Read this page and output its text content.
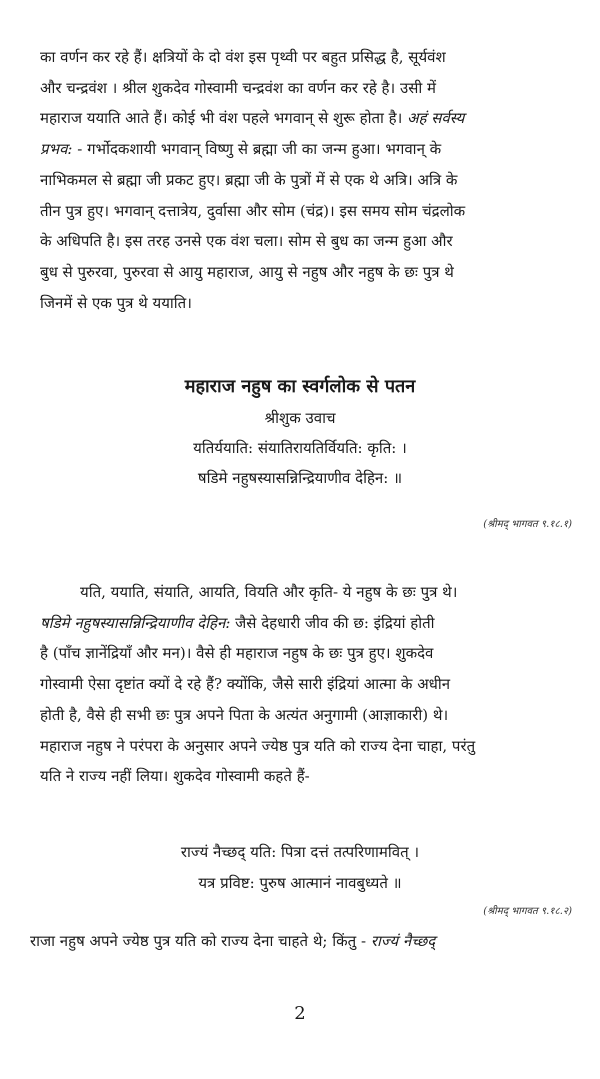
का वर्णन कर रहे हैं। क्षत्रियों के दो वंश इस पृथ्वी पर बहुत प्रसिद्ध है, सूर्यवंश
और चन्द्रवंश । श्रील शुकदेव गोस्वामी चन्द्रवंश का वर्णन कर रहे है। उसी में
महाराज ययाति आते हैं। कोई भी वंश पहले भगवान् से शुरू होता है। अहं सर्वस्य
प्रभव: - गर्भोदकशायी भगवान् विष्णु से ब्रह्मा जी का जन्म हुआ। भगवान् के
नाभिकमल से ब्रह्मा जी प्रकट हुए। ब्रह्मा जी के पुत्रों में से एक थे अत्रि। अत्रि के
तीन पुत्र हुए। भगवान् दत्तात्रेय, दुर्वासा और सोम (चंद्र)। इस समय सोम चंद्रलोक
के अधिपति है। इस तरह उनसे एक वंश चला। सोम से बुध का जन्म हुआ और
बुध से पुरुरवा, पुरुरवा से आयु महाराज, आयु से नहुष और नहुष के छः पुत्र थे
जिनमें से एक पुत्र थे ययाति।
महाराज नहुष का स्वर्गलोक से पतन

श्रीशुक उवाच

यतिर्ययाति: संयातिरायतिर्वियति: कृति: ।

षडिमे नहुषस्यासन्निन्द्रियाणीव देहिन: ॥

(श्रीमद् भागवत ९.१८.१)

यति, ययाति, संयाति, आयति, वियति और कृति- ये नहुष के छः पुत्र थे।
षडिमे नहुषस्यासन्निन्द्रियाणीव देहिन: जैसे देहधारी जीव की छ: इंद्रियां होती
है (पाँच ज्ञानेंद्रियाँ और मन)। वैसे ही महाराज नहुष के छः पुत्र हुए। शुकदेव
गोस्वामी ऐसा दृष्टांत क्यों दे रहे हैं? क्योंकि, जैसे सारी इंद्रियां आत्मा के अधीन
होती है, वैसे ही सभी छः पुत्र अपने पिता के अत्यंत अनुगामी (आज्ञाकारी) थे।
महाराज नहुष ने परंपरा के अनुसार अपने ज्येष्ठ पुत्र यति को राज्य देना चाहा, परंतु
यति ने राज्य नहीं लिया। शुकदेव गोस्वामी कहते हैं-

राज्यं नैच्छद् यति: पित्रा दत्तं तत्परिणामवित् ।

यत्र प्रविष्ट: पुरुष आत्मानं नावबुध्यते ॥

(श्रीमद् भागवत ९.१८.२)

राजा नहुष अपने ज्येष्ठ पुत्र यति को राज्य देना चाहते थे; किंतु - राज्यं नैच्छद्

2
